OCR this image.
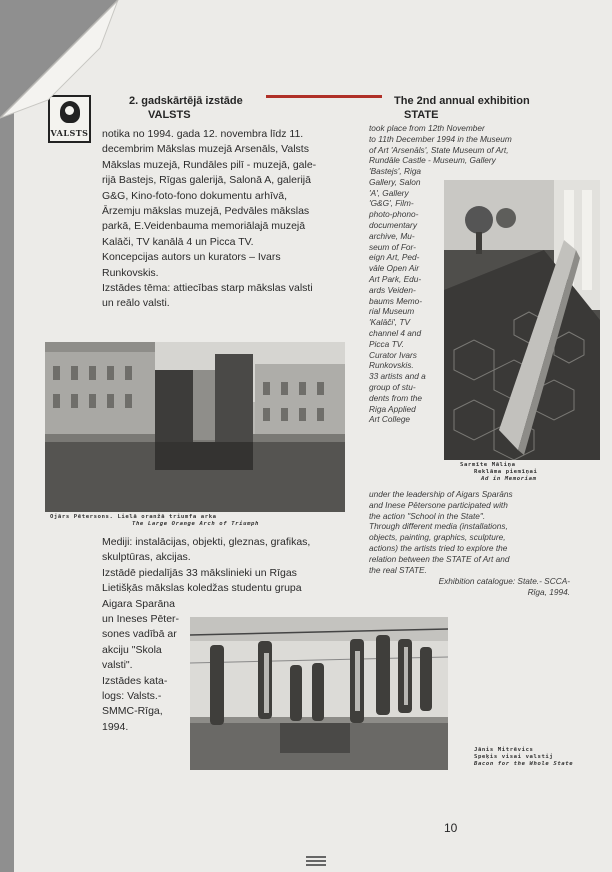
VALSTS
2. gadskārtējā izstāde
VALSTS
The 2nd annual exhibition
STATE
notika no 1994. gada 12. novembra līdz 11.
decembrim Mākslas muzejā Arsenāls, Valsts
Mākslas muzejā, Rundāles pilī - muzejā, gale-
rijā Bastejs, Rīgas galerijā, Salonā A, galerijā
G&G, Kino-foto-fono dokumentu arhīvā,
Ārzemju mākslas muzejā, Pedvāles mākslas
parkā, E.Veidenbauma memoriālajā muzejā
Kalāči, TV kanālā 4 un Picca TV.
Koncepcijas autors un kurators – Ivars
Runkovskis.
Izstādes tēma: attiecības starp mākslas valsti
un reālo valsti.
took place from 12th November
to 11th December 1994 in the Museum
of Art 'Arsenāls', State Museum of Art,
Rundāle Castle - Museum, Gallery
'Bastejs', Riga
Gallery, Salon
'A', Gallery
'G&G', Film-
photo-phono-
documentary
archive, Mu-
seum of For-
eign Art, Ped-
vāle Open Air
Art Park, Edu-
ards Veiden-
baums Memo-
rial Museum
'Kalāči', TV
channel 4 and
Picca TV.
Curator Ivars
Runkovskis.
33 artists and a
group of stu-
dents from the
Riga Applied
Art College
under the leadership of Aigars Sparāns
and Inese Pētersone participated with
the action "School in the State".
Through different media (installations,
objects, painting, graphics, sculpture,
actions) the artists tried to explore the
relation between the STATE of Art and
the real STATE.
Exhibition catalogue: State.- SCCA-
Rīga, 1994.
Ojārs Pētersons. Lielā oranžā triumfa arka
The Large Orange Arch of Triumph
Sarmīte Māliņa
Reklāma piemīņai
Ad in Memoriam
Mediji: instalācijas, objekti, gleznas, grafikas,
skulptūras, akcijas.
Izstādē piedalījās 33 mākslinieki un Rīgas
Lietišķās mākslas koledžas studentu grupa
Aigara Sparāna
un Ineses Pēter-
sones vadībā ar
akciju "Skola
valsti".
Izstādes kata-
logs: Valsts.-
SMMC-Rīga,
1994.
Jānis Mitrēvics
Speķis visai valstij
Bacon for the Whole State
10
